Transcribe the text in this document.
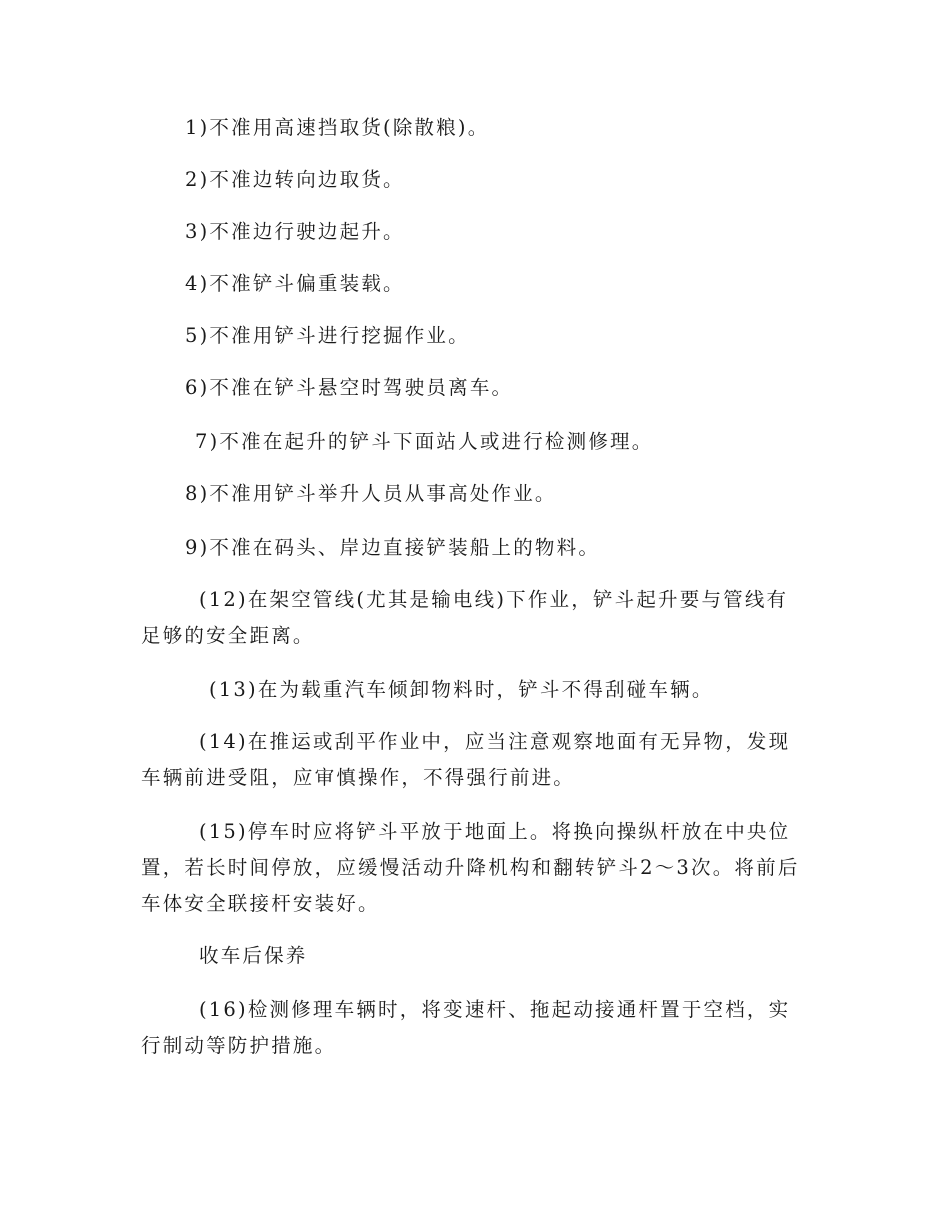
1)不准用高速挡取货(除散粮)。

2)不准边转向边取货。

3)不准边行驶边起升。

4)不准铲斗偏重装载。

5)不准用铲斗进行挖掘作业。

6)不准在铲斗悬空时驾驶员离车。

7)不准在起升的铲斗下面站人或进行检测修理。

8)不准用铲斗举升人员从事高处作业。

9)不准在码头、岸边直接铲装船上的物料。

(12)在架空管线(尤其是输电线)下作业，铲斗起升要与管线有足够的安全距离。

(13)在为载重汽车倾卸物料时，铲斗不得刮碰车辆。

(14)在推运或刮平作业中，应当注意观察地面有无异物，发现车辆前进受阻，应审慎操作，不得强行前进。

(15)停车时应将铲斗平放于地面上。将换向操纵杆放在中央位置，若长时间停放，应缓慢活动升降机构和翻转铲斗2～3次。将前后车体安全联接杆安装好。

收车后保养

(16)检测修理车辆时，将变速杆、拖起动接通杆置于空档，实行制动等防护措施。
